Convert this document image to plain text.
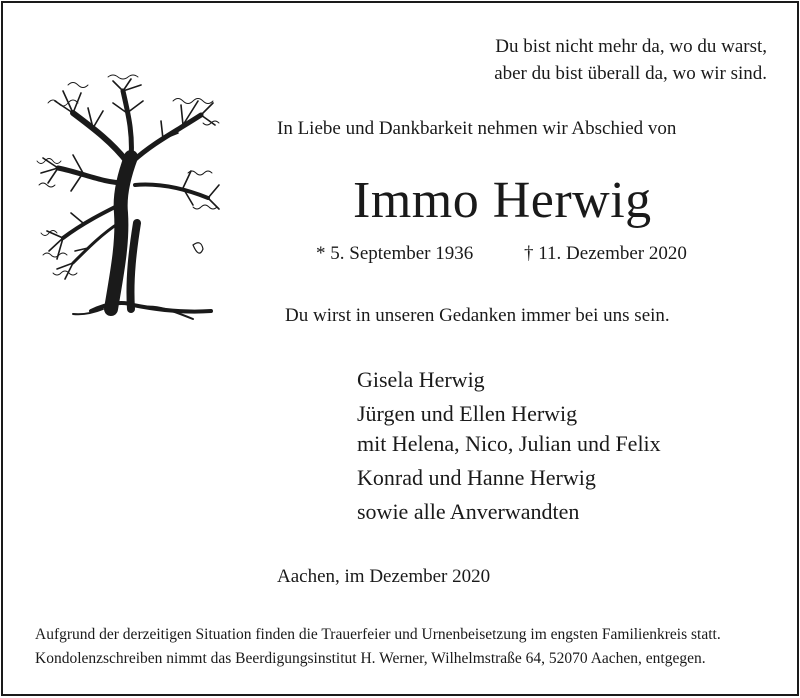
Du bist nicht mehr da, wo du warst,
aber du bist überall da, wo wir sind.
In Liebe und Dankbarkeit nehmen wir Abschied von
Immo Herwig
* 5. September 1936	† 11. Dezember 2020
Du wirst in unseren Gedanken immer bei uns sein.
Gisela Herwig
Jürgen und Ellen Herwig
mit Helena, Nico, Julian und Felix
Konrad und Hanne Herwig
sowie alle Anverwandten
Aachen, im Dezember 2020
Aufgrund der derzeitigen Situation finden die Trauerfeier und Urnenbeisetzung im engsten Familienkreis statt.
Kondolenzschreiben nimmt das Beerdigungsinstitut H. Werner, Wilhelmstraße 64, 52070 Aachen, entgegen.
